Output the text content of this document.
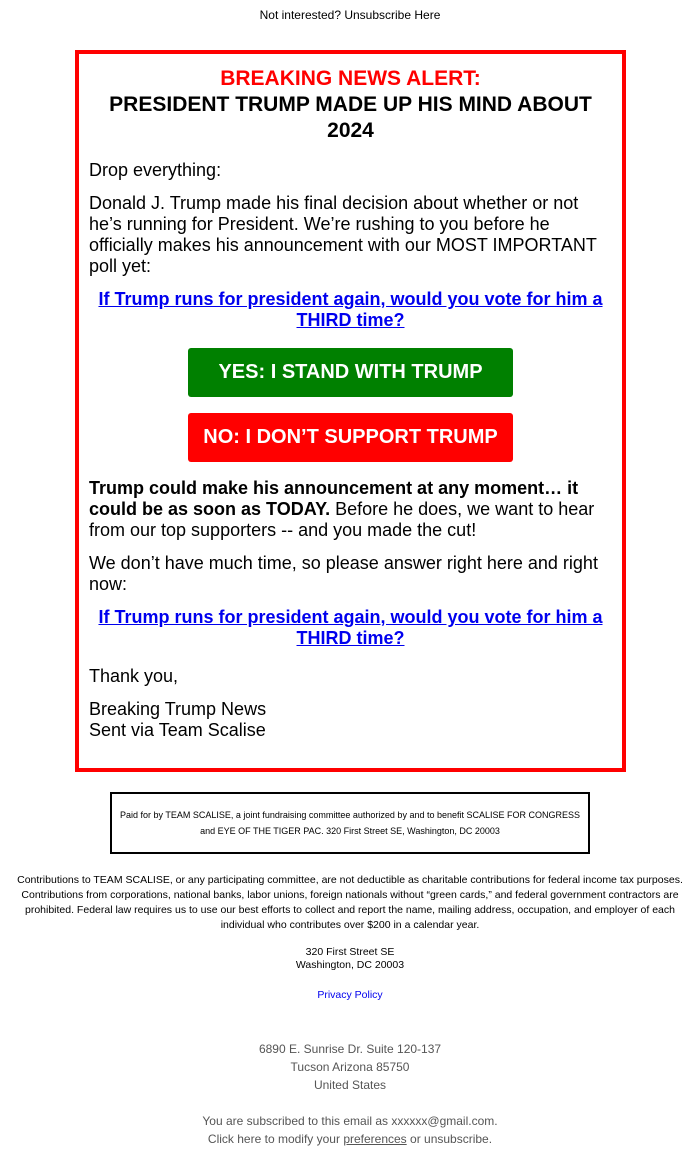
Not interested? Unsubscribe Here
BREAKING NEWS ALERT:
PRESIDENT TRUMP MADE UP HIS MIND ABOUT 2024

Drop everything:

Donald J. Trump made his final decision about whether or not he’s running for President. We’re rushing to you before he officially makes his announcement with our MOST IMPORTANT poll yet:

If Trump runs for president again, would you vote for him a THIRD time?
YES: I STAND WITH TRUMP
NO: I DON’T SUPPORT TRUMP

Trump could make his announcement at any moment… it could be as soon as TODAY. Before he does, we want to hear from our top supporters -- and you made the cut!

We don’t have much time, so please answer right here and right now:

If Trump runs for president again, would you vote for him a THIRD time?

Thank you,

Breaking Trump News

Sent via Team Scalise

Paid for by TEAM SCALISE, a joint fundraising committee authorized by and to benefit SCALISE FOR CONGRESS and EYE OF THE TIGER PAC. 320 First Street SE, Washington, DC 20003
Contributions to TEAM SCALISE, or any participating committee, are not deductible as charitable contributions for federal income tax purposes. Contributions from corporations, national banks, labor unions, foreign nationals without “green cards,” and federal government contractors are prohibited. Federal law requires us to use our best efforts to collect and report the name, mailing address, occupation, and employer of each individual who contributes over $200 in a calendar year.
320 First Street SE
Washington, DC 20003
Privacy Policy
6890 E. Sunrise Dr. Suite 120-137
Tucson Arizona 85750
United States
You are subscribed to this email as xxxxxx@gmail.com.
Click here to modify your preferences or unsubscribe.
